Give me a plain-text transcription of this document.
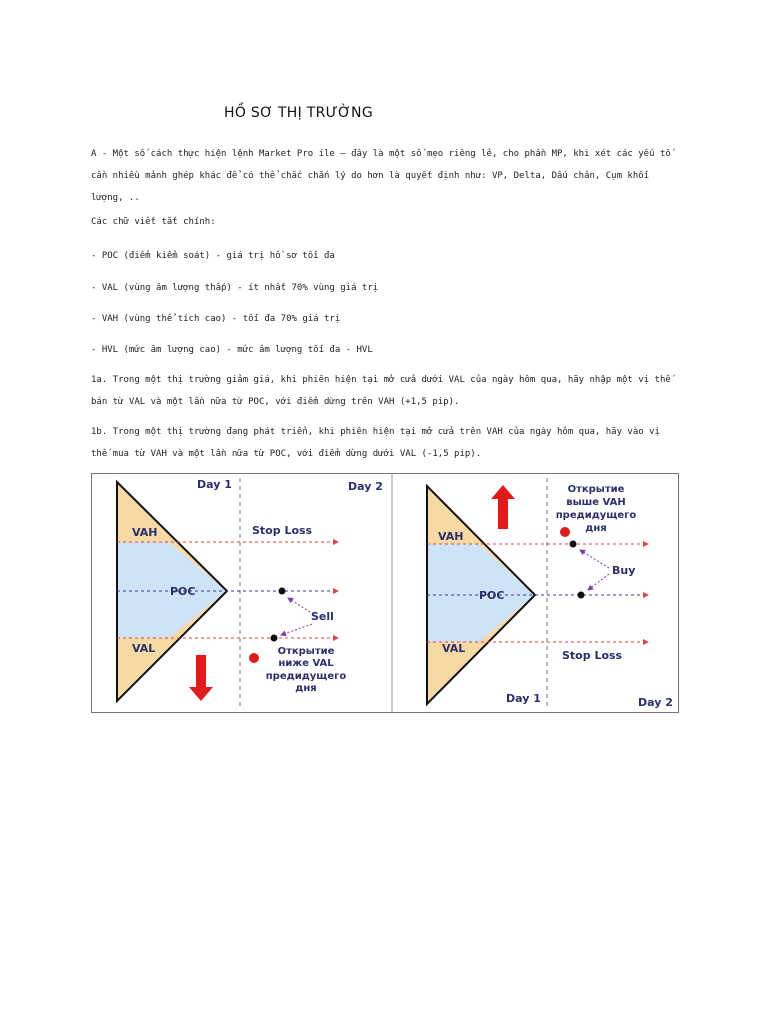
HỒ SƠ THỊ TRƯỜNG
A - Một số cách thực hiện lệnh Market Pro ile – đây là một số mẹo riêng lẻ, cho phần MP, khi xét các yếu tố cần nhiều mảnh ghép khác để có thể chắc chắn lý do hơn là quyết định như: VP, Delta, Dấu chân, Cụm khối lượng, ..
Các chữ viết tắt chính:
- POC (điểm kiểm soát) - giá trị hồ sơ tối đa
- VAL (vùng âm lượng thấp) - ít nhất 70% vùng giá trị
- VAH (vùng thể tích cao) - tối đa 70% giá trị
- HVL (mức âm lượng cao) - mức âm lượng tối đa - HVL
1a. Trong một thị trường giảm giá, khi phiên hiện tại mở cửa dưới VAL của ngày hôm qua, hãy nhập một vị thế bán từ VAL và một lần nữa từ POC, với điểm dừng trên VAH (+1,5 pip).
1b. Trong một thị trường đang phát triển, khi phiên hiện tại mở cửa trên VAH của ngày hôm qua, hãy vào vị thế mua từ VAH và một lần nữa từ POC, với điểm dừng dưới VAL (-1,5 pip).
Day 1	Day 2
VAH
POC
VAL
Stop Loss
Sell
Открытие
ниже VAL
предидущего
дня
VAH
POC
VAL
Открытие
выше VAH
предидущего
дня
Buy
Stop Loss
Day 1	Day 2
